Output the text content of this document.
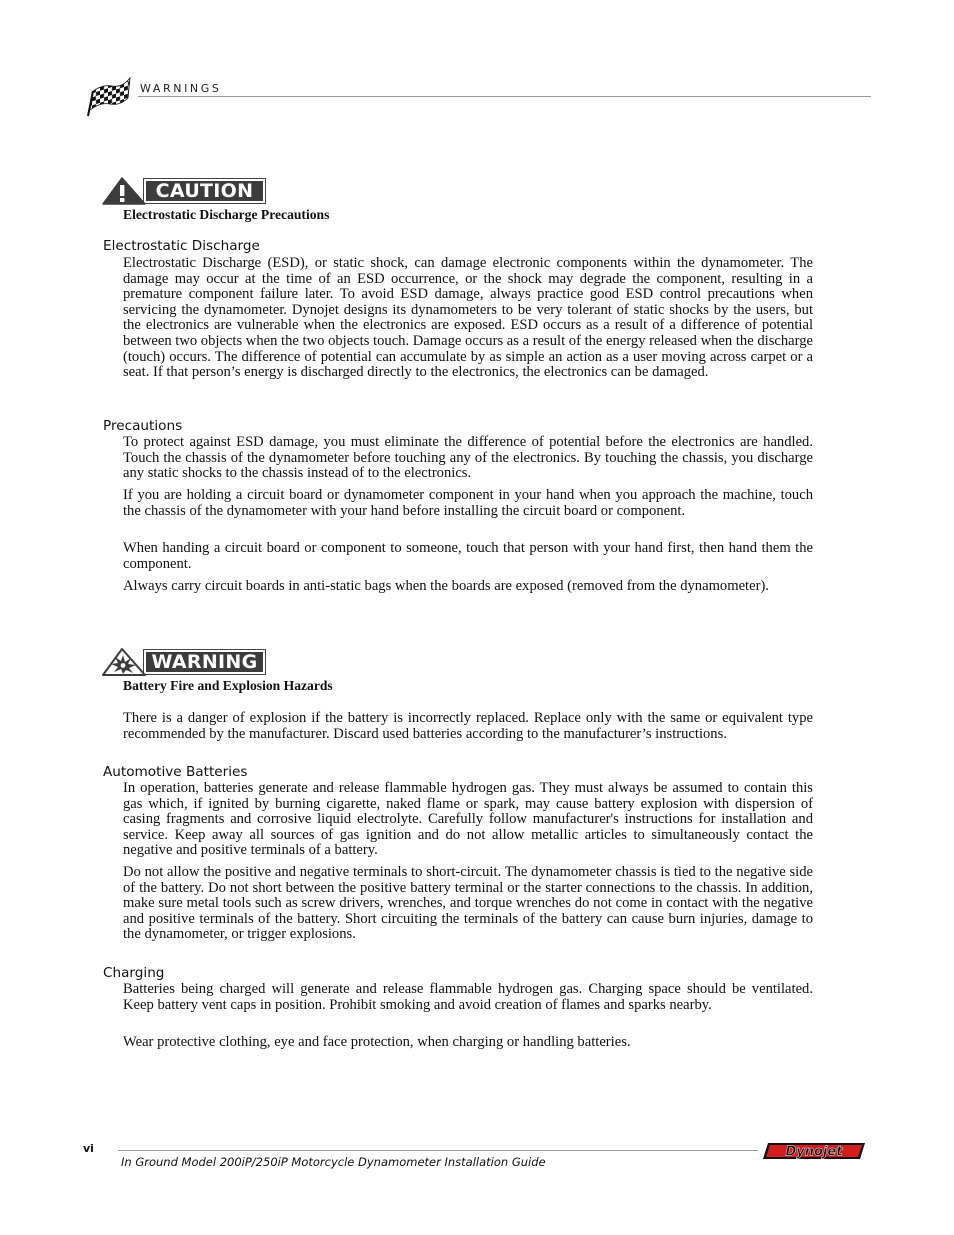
WARNINGS
CAUTION
Electrostatic Discharge Precautions
Electrostatic Discharge

Electrostatic Discharge (ESD), or static shock, can damage electronic components within the dynamometer. The damage may occur at the time of an ESD occurrence, or the shock may degrade the component, resulting in a premature component failure later. To avoid ESD damage, always practice good ESD control precautions when servicing the dynamometer. Dynojet designs its dynamometers to be very tolerant of static shocks by the users, but the electronics are vulnerable when the electronics are exposed. ESD occurs as a result of a difference of potential between two objects when the two objects touch. Damage occurs as a result of the energy released when the discharge (touch) occurs. The difference of potential can accumulate by as simple an action as a user moving across carpet or a seat. If that person’s energy is discharged directly to the electronics, the electronics can be damaged.

Precautions

To protect against ESD damage, you must eliminate the difference of potential before the electronics are handled. Touch the chassis of the dynamometer before touching any of the electronics. By touching the chassis, you discharge any static shocks to the chassis instead of to the electronics.

If you are holding a circuit board or dynamometer component in your hand when you approach the machine, touch the chassis of the dynamometer with your hand before installing the circuit board or component.

When handing a circuit board or component to someone, touch that person with your hand first, then hand them the component.

Always carry circuit boards in anti-static bags when the boards are exposed (removed from the dynamometer).

WARNING
Battery Fire and Explosion Hazards

There is a danger of explosion if the battery is incorrectly replaced. Replace only with the same or equivalent type recommended by the manufacturer. Discard used batteries according to the manufacturer’s instructions.

Automotive Batteries

In operation, batteries generate and release flammable hydrogen gas. They must always be assumed to contain this gas which, if ignited by burning cigarette, naked flame or spark, may cause battery explosion with dispersion of casing fragments and corrosive liquid electrolyte. Carefully follow manufacturer's instructions for installation and service. Keep away all sources of gas ignition and do not allow metallic articles to simultaneously contact the negative and positive terminals of a battery.

Do not allow the positive and negative terminals to short-circuit. The dynamometer chassis is tied to the negative side of the battery. Do not short between the positive battery terminal or the starter connections to the chassis. In addition, make sure metal tools such as screw drivers, wrenches, and torque wrenches do not come in contact with the negative and positive terminals of the battery. Short circuiting the terminals of the battery can cause burn injuries, damage to the dynamometer, or trigger explosions.

Charging

Batteries being charged will generate and release flammable hydrogen gas. Charging space should be ventilated. Keep battery vent caps in position. Prohibit smoking and avoid creation of flames and sparks nearby.

Wear protective clothing, eye and face protection, when charging or handling batteries.

vi
In Ground Model 200iP/250iP Motorcycle Dynamometer Installation Guide
Dynojet
